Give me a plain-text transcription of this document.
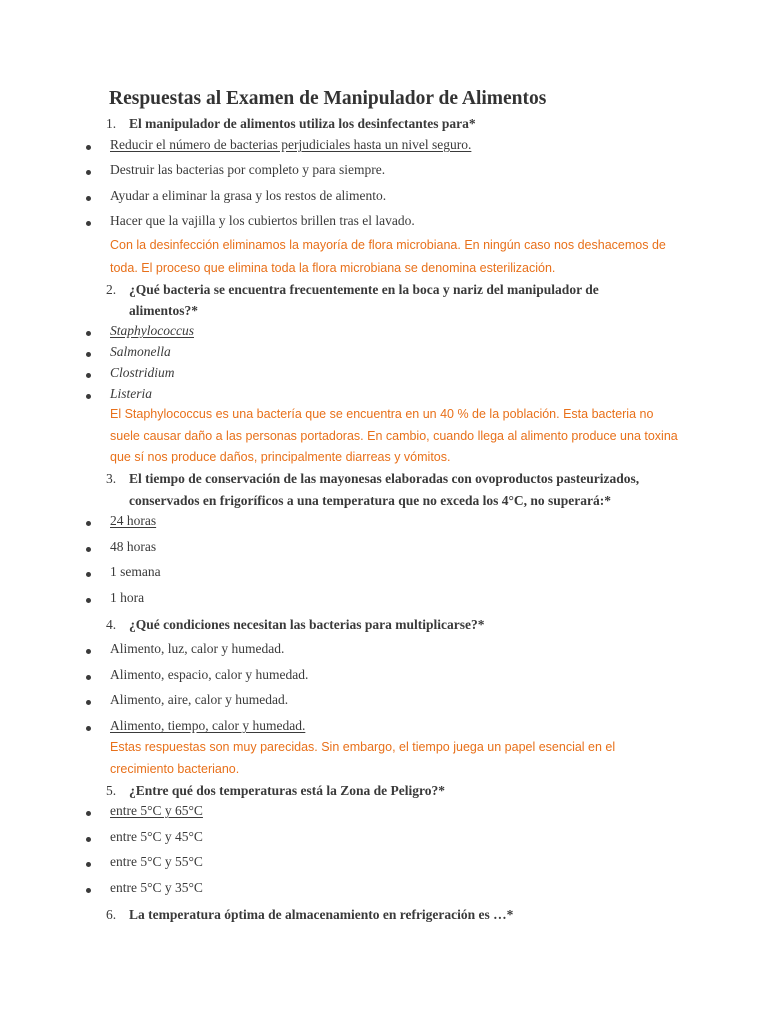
Respuestas al Examen de Manipulador de Alimentos
1. El manipulador de alimentos utiliza los desinfectantes para*
Reducir el número de bacterias perjudiciales hasta un nivel seguro.
Destruir las bacterias por completo y para siempre.
Ayudar a eliminar la grasa y los restos de alimento.
Hacer que la vajilla y los cubiertos brillen tras el lavado.
Con la desinfección eliminamos la mayoría de flora microbiana. En ningún caso nos deshacemos de
toda. El proceso que elimina toda la flora microbiana se denomina esterilización.
2. ¿Qué bacteria se encuentra frecuentemente en la boca y nariz del manipulador de
alimentos?*
Staphylococcus
Salmonella
Clostridium
Listeria
El Staphylococcus es una bactería que se encuentra en un 40 % de la población. Esta bacteria no
suele causar daño a las personas portadoras. En cambio, cuando llega al alimento produce una toxina
que sí nos produce daños, principalmente diarreas y vómitos.
3. El tiempo de conservación de las mayonesas elaboradas con ovoproductos pasteurizados,
conservados en frigoríficos a una temperatura que no exceda los 4°C, no superará:*
24 horas
48 horas
1 semana
1 hora
4. ¿Qué condiciones necesitan las bacterias para multiplicarse?*
Alimento, luz, calor y humedad.
Alimento, espacio, calor y humedad.
Alimento, aire, calor y humedad.
Alimento, tiempo, calor y humedad.
Estas respuestas son muy parecidas. Sin embargo, el tiempo juega un papel esencial en el
crecimiento bacteriano.
5. ¿Entre qué dos temperaturas está la Zona de Peligro?*
entre 5°C y 65°C
entre 5°C y 45°C
entre 5°C y 55°C
entre 5°C y 35°C
6. La temperatura óptima de almacenamiento en refrigeración es …*
